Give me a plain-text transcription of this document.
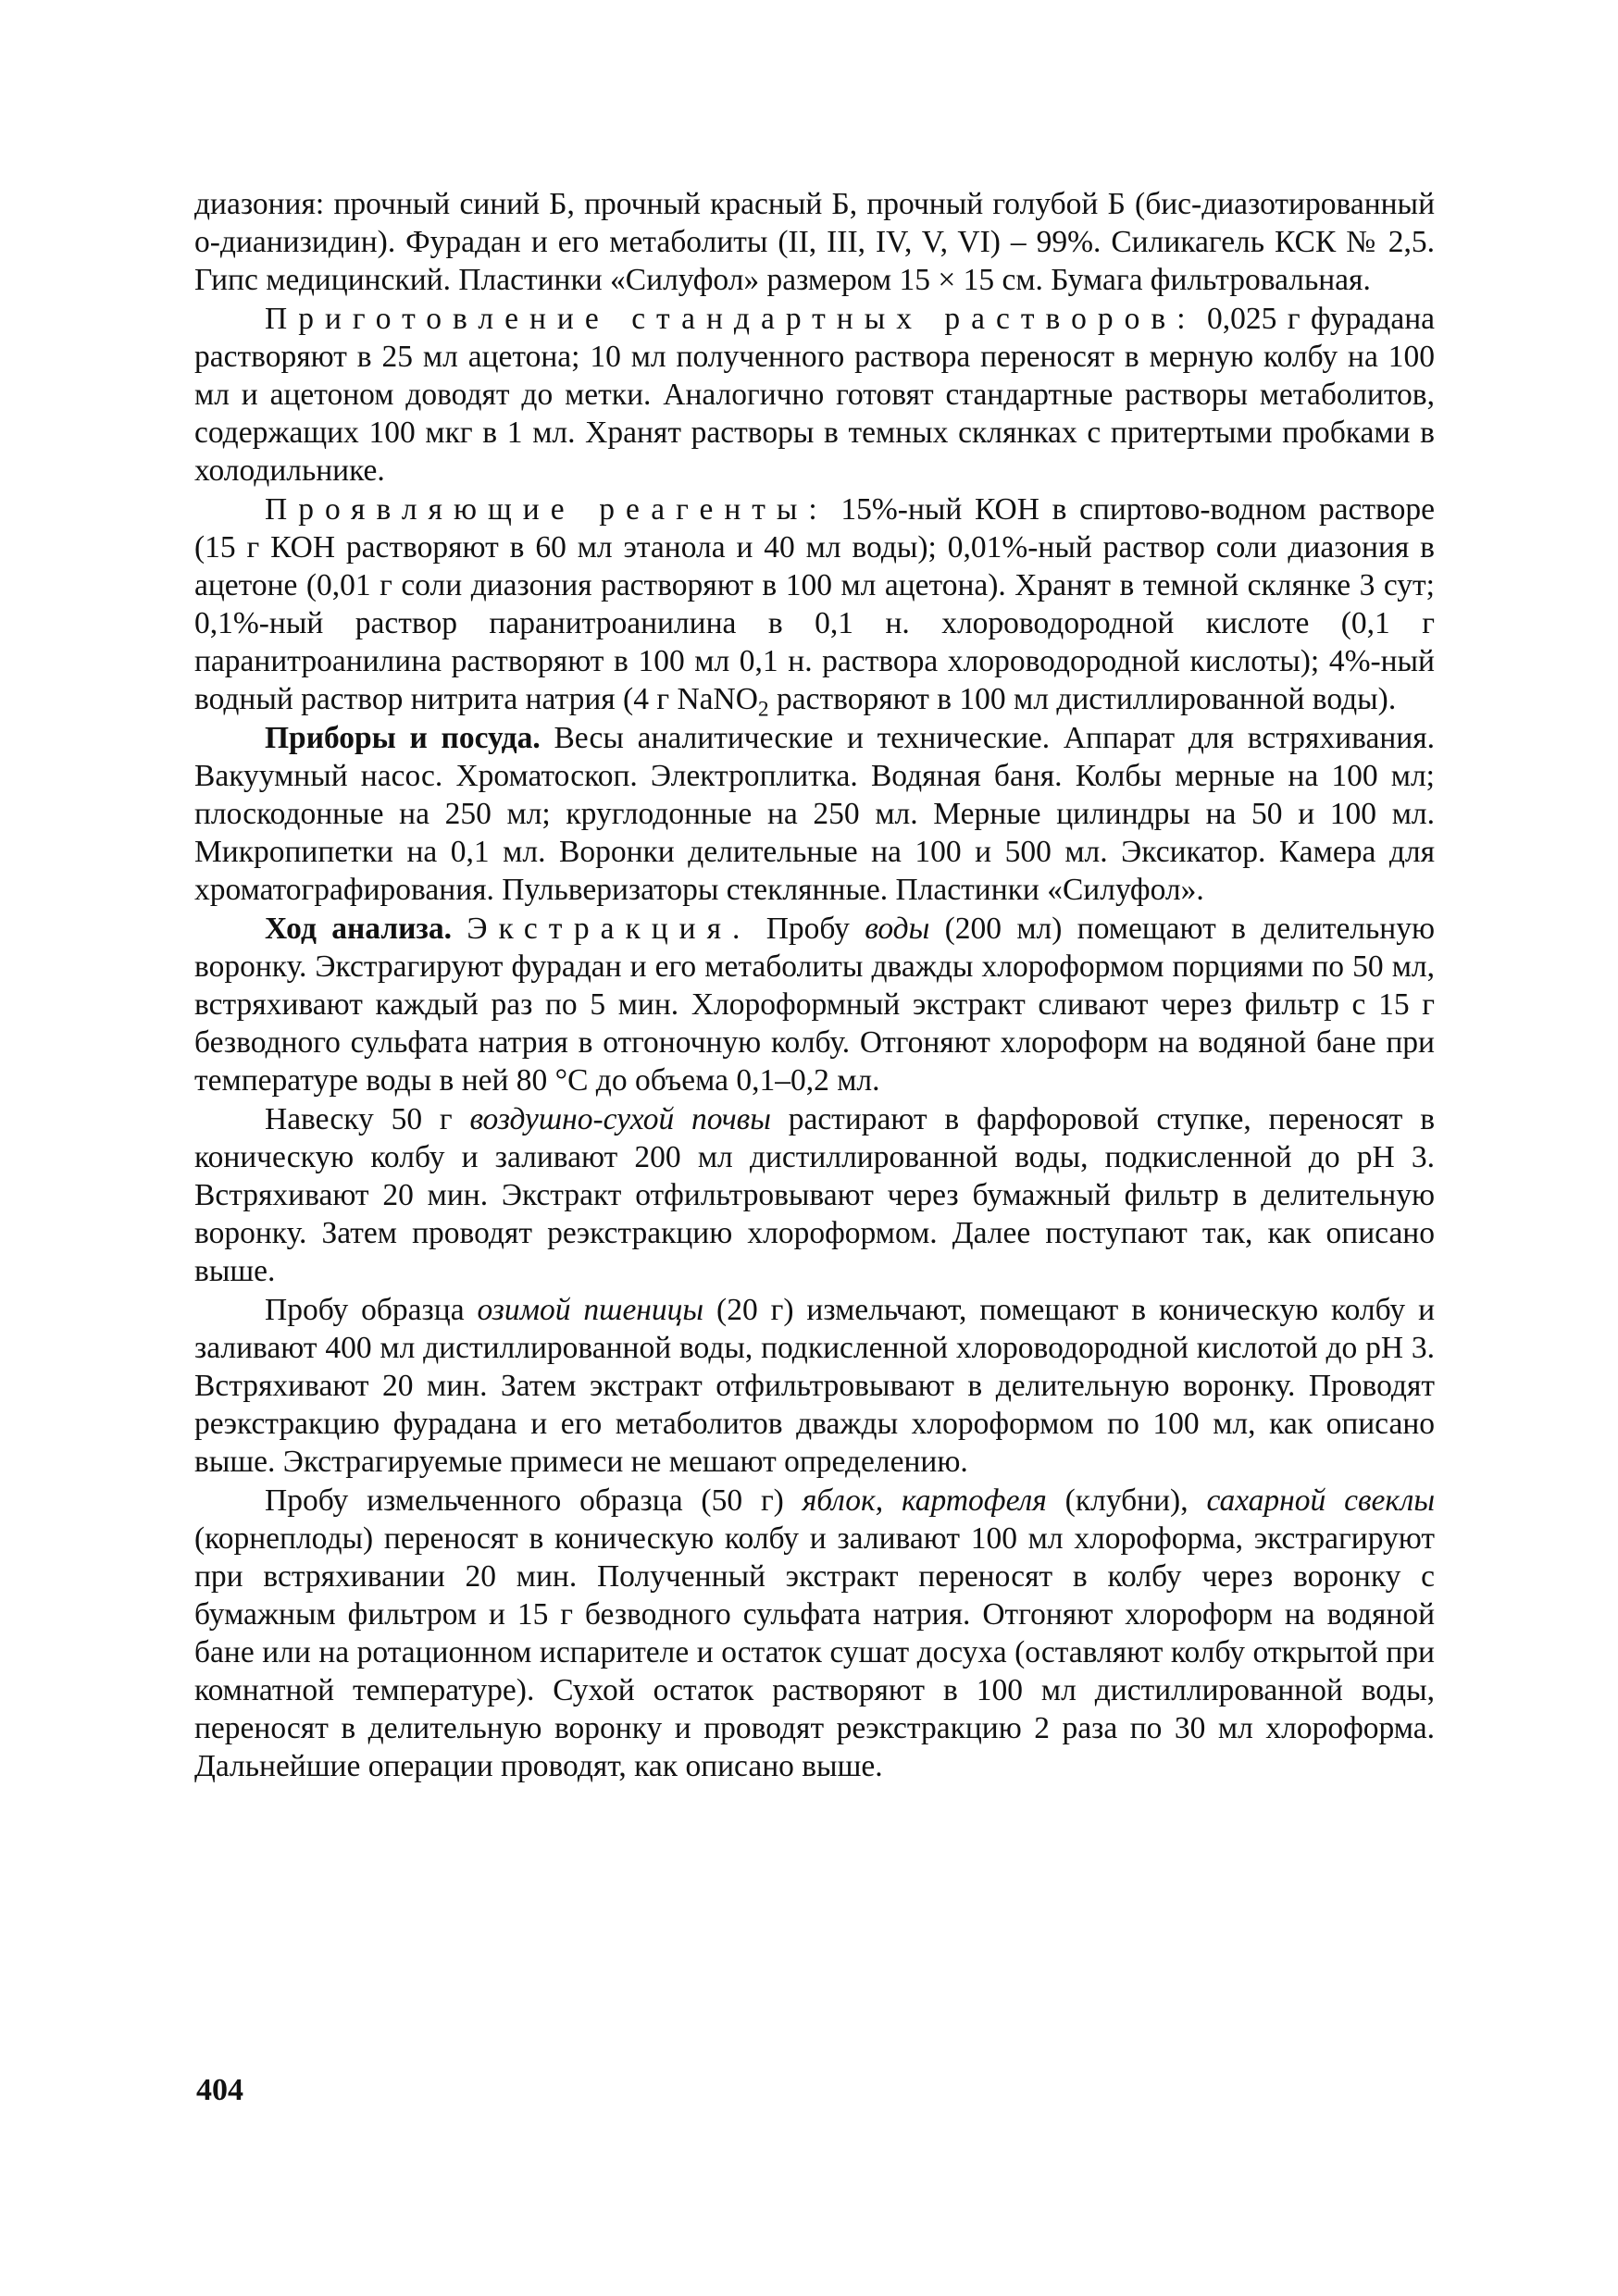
диазония: прочный синий Б, прочный красный Б, прочный голубой Б (бис-диазотированный о-дианизидин). Фурадан и его метаболиты (II, III, IV, V, VI) – 99%. Силикагель КСК № 2,5. Гипс медицинский. Пластинки «Силуфол» размером 15 × 15 см. Бумага фильтровальная.

Приготовление стандартных растворов: 0,025 г фурадана растворяют в 25 мл ацетона; 10 мл полученного раствора переносят в мерную колбу на 100 мл и ацетоном доводят до метки. Аналогично готовят стандартные растворы метаболитов, содержащих 100 мкг в 1 мл. Хранят растворы в темных склянках с притертыми пробками в холодильнике.

Проявляющие реагенты: 15%-ный КОН в спиртово-водном растворе (15 г КОН растворяют в 60 мл этанола и 40 мл воды); 0,01%-ный раствор соли диазония в ацетоне (0,01 г соли диазония растворяют в 100 мл ацетона). Хранят в темной склянке 3 сут; 0,1%-ный раствор паранитроанилина в 0,1 н. хлороводородной кислоте (0,1 г паранитроанилина растворяют в 100 мл 0,1 н. раствора хлороводородной кислоты); 4%-ный водный раствор нитрита натрия (4 г NaNO$_2$ растворяют в 100 мл дистиллированной воды).

Приборы и посуда. Весы аналитические и технические. Аппарат для встряхивания. Вакуумный насос. Хроматоскоп. Электроплитка. Водяная баня. Колбы мерные на 100 мл; плоскодонные на 250 мл; круглодонные на 250 мл. Мерные цилиндры на 50 и 100 мл. Микропипетки на 0,1 мл. Воронки делительные на 100 и 500 мл. Эксикатор. Камера для хроматографирования. Пульверизаторы стеклянные. Пластинки «Силуфол».

Ход анализа. Экстракция. Пробу воды (200 мл) помещают в делительную воронку. Экстрагируют фурадан и его метаболиты дважды хлороформом порциями по 50 мл, встряхивают каждый раз по 5 мин. Хлороформный экстракт сливают через фильтр с 15 г безводного сульфата натрия в отгоночную колбу. Отгоняют хлороформ на водяной бане при температуре воды в ней 80 °С до объема 0,1–0,2 мл.

Навеску 50 г воздушно-сухой почвы растирают в фарфоровой ступке, переносят в коническую колбу и заливают 200 мл дистиллированной воды, подкисленной до pH 3. Встряхивают 20 мин. Экстракт отфильтровывают через бумажный фильтр в делительную воронку. Затем проводят реэкстракцию хлороформом. Далее поступают так, как описано выше.

Пробу образца озимой пшеницы (20 г) измельчают, помещают в коническую колбу и заливают 400 мл дистиллированной воды, подкисленной хлороводородной кислотой до pH 3. Встряхивают 20 мин. Затем экстракт отфильтровывают в делительную воронку. Проводят реэкстракцию фурадана и его метаболитов дважды хлороформом по 100 мл, как описано выше. Экстрагируемые примеси не мешают определению.

Пробу измельченного образца (50 г) яблок, картофеля (клубни), сахарной свеклы (корнеплоды) переносят в коническую колбу и заливают 100 мл хлороформа, экстрагируют при встряхивании 20 мин. Полученный экстракт переносят в колбу через воронку с бумажным фильтром и 15 г безводного сульфата натрия. Отгоняют хлороформ на водяной бане или на ротационном испарителе и остаток сушат досуха (оставляют колбу открытой при комнатной температуре). Сухой остаток растворяют в 100 мл дистиллированной воды, переносят в делительную воронку и проводят реэкстракцию 2 раза по 30 мл хлороформа. Дальнейшие операции проводят, как описано выше.

404
